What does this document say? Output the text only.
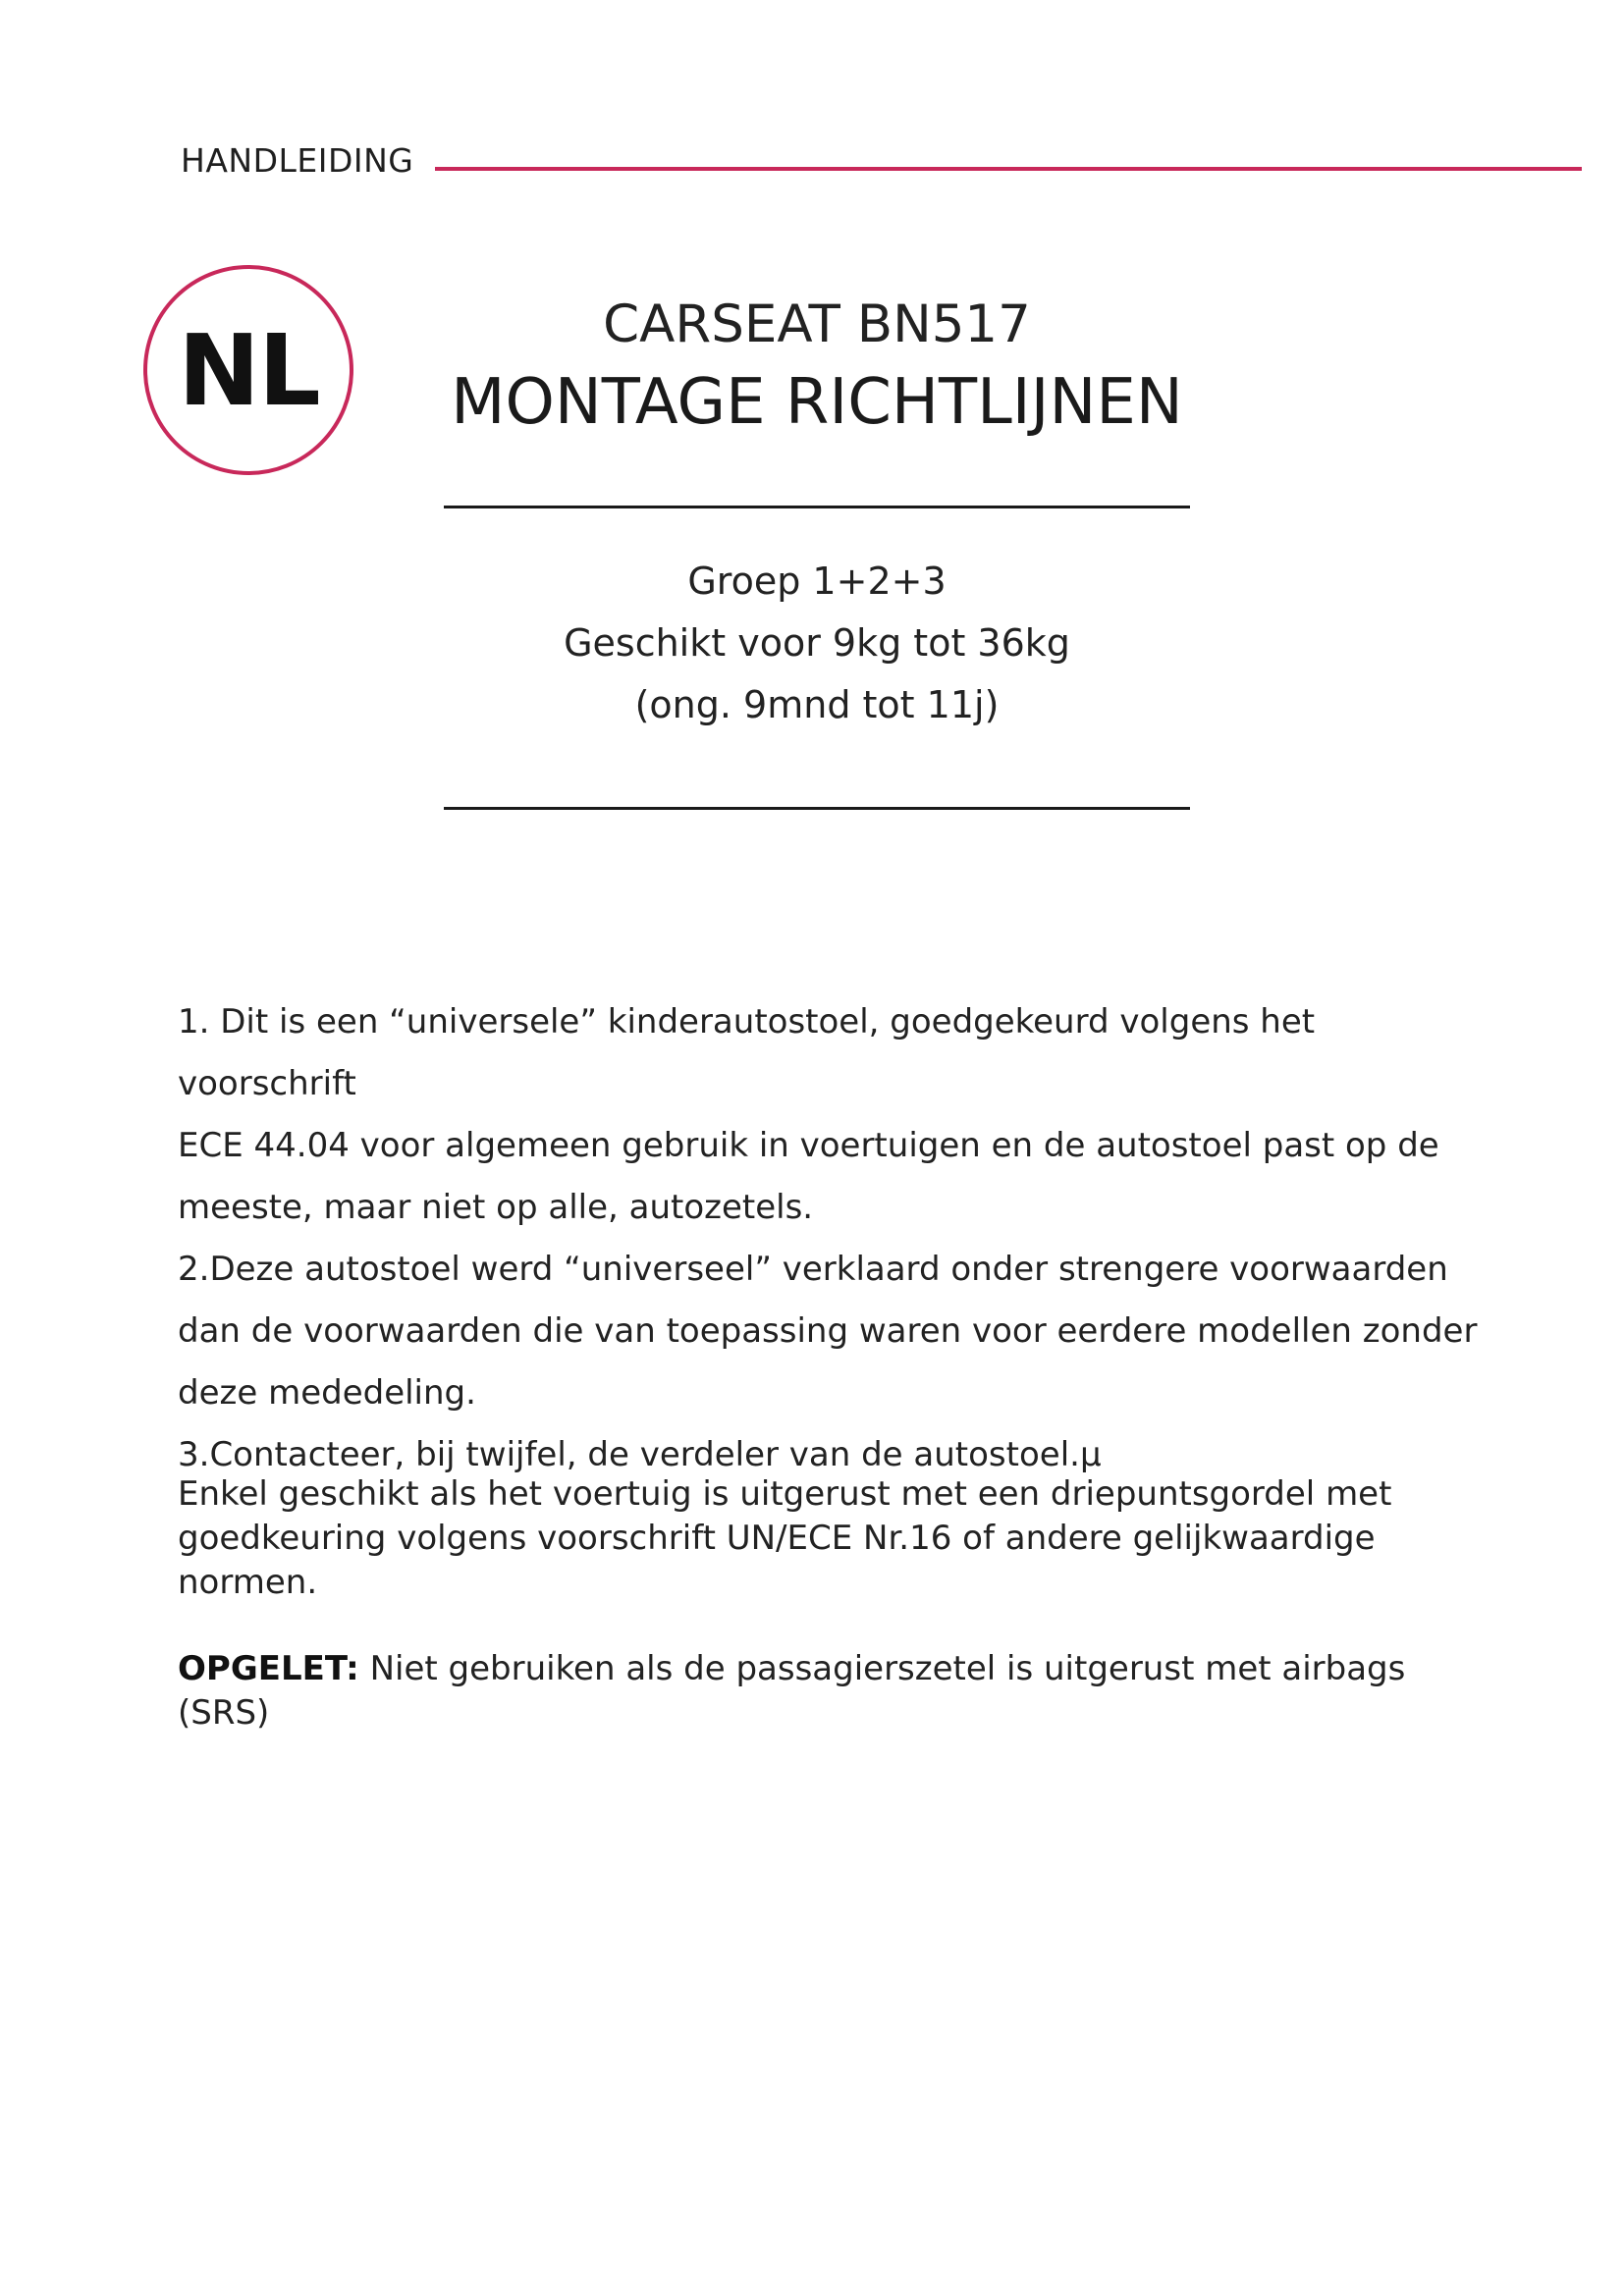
HANDLEIDING
NL	CARSEAT BN517
MONTAGE RICHTLIJNEN
Groep 1+2+3
Geschikt voor 9kg tot 36kg
(ong. 9mnd tot 11j)

1. Dit is een “universele” kinderautostoel, goedgekeurd volgens het voorschrift

ECE 44.04 voor algemeen gebruik in voertuigen en de autostoel past op de

meeste, maar niet op alle, autozetels.

2.Deze autostoel werd “universeel” verklaard onder strengere voorwaarden

dan de voorwaarden die van toepassing waren voor eerdere modellen zonder

deze mededeling.

3.Contacteer, bij twijfel, de verdeler van de autostoel.µ

Enkel geschikt als het voertuig is uitgerust met een driepuntsgordel met
goedkeuring volgens voorschrift UN/ECE Nr.16 of andere gelijkwaardige
normen.
OPGELET: Niet gebruiken als de passagierszetel is uitgerust met airbags (SRS)
